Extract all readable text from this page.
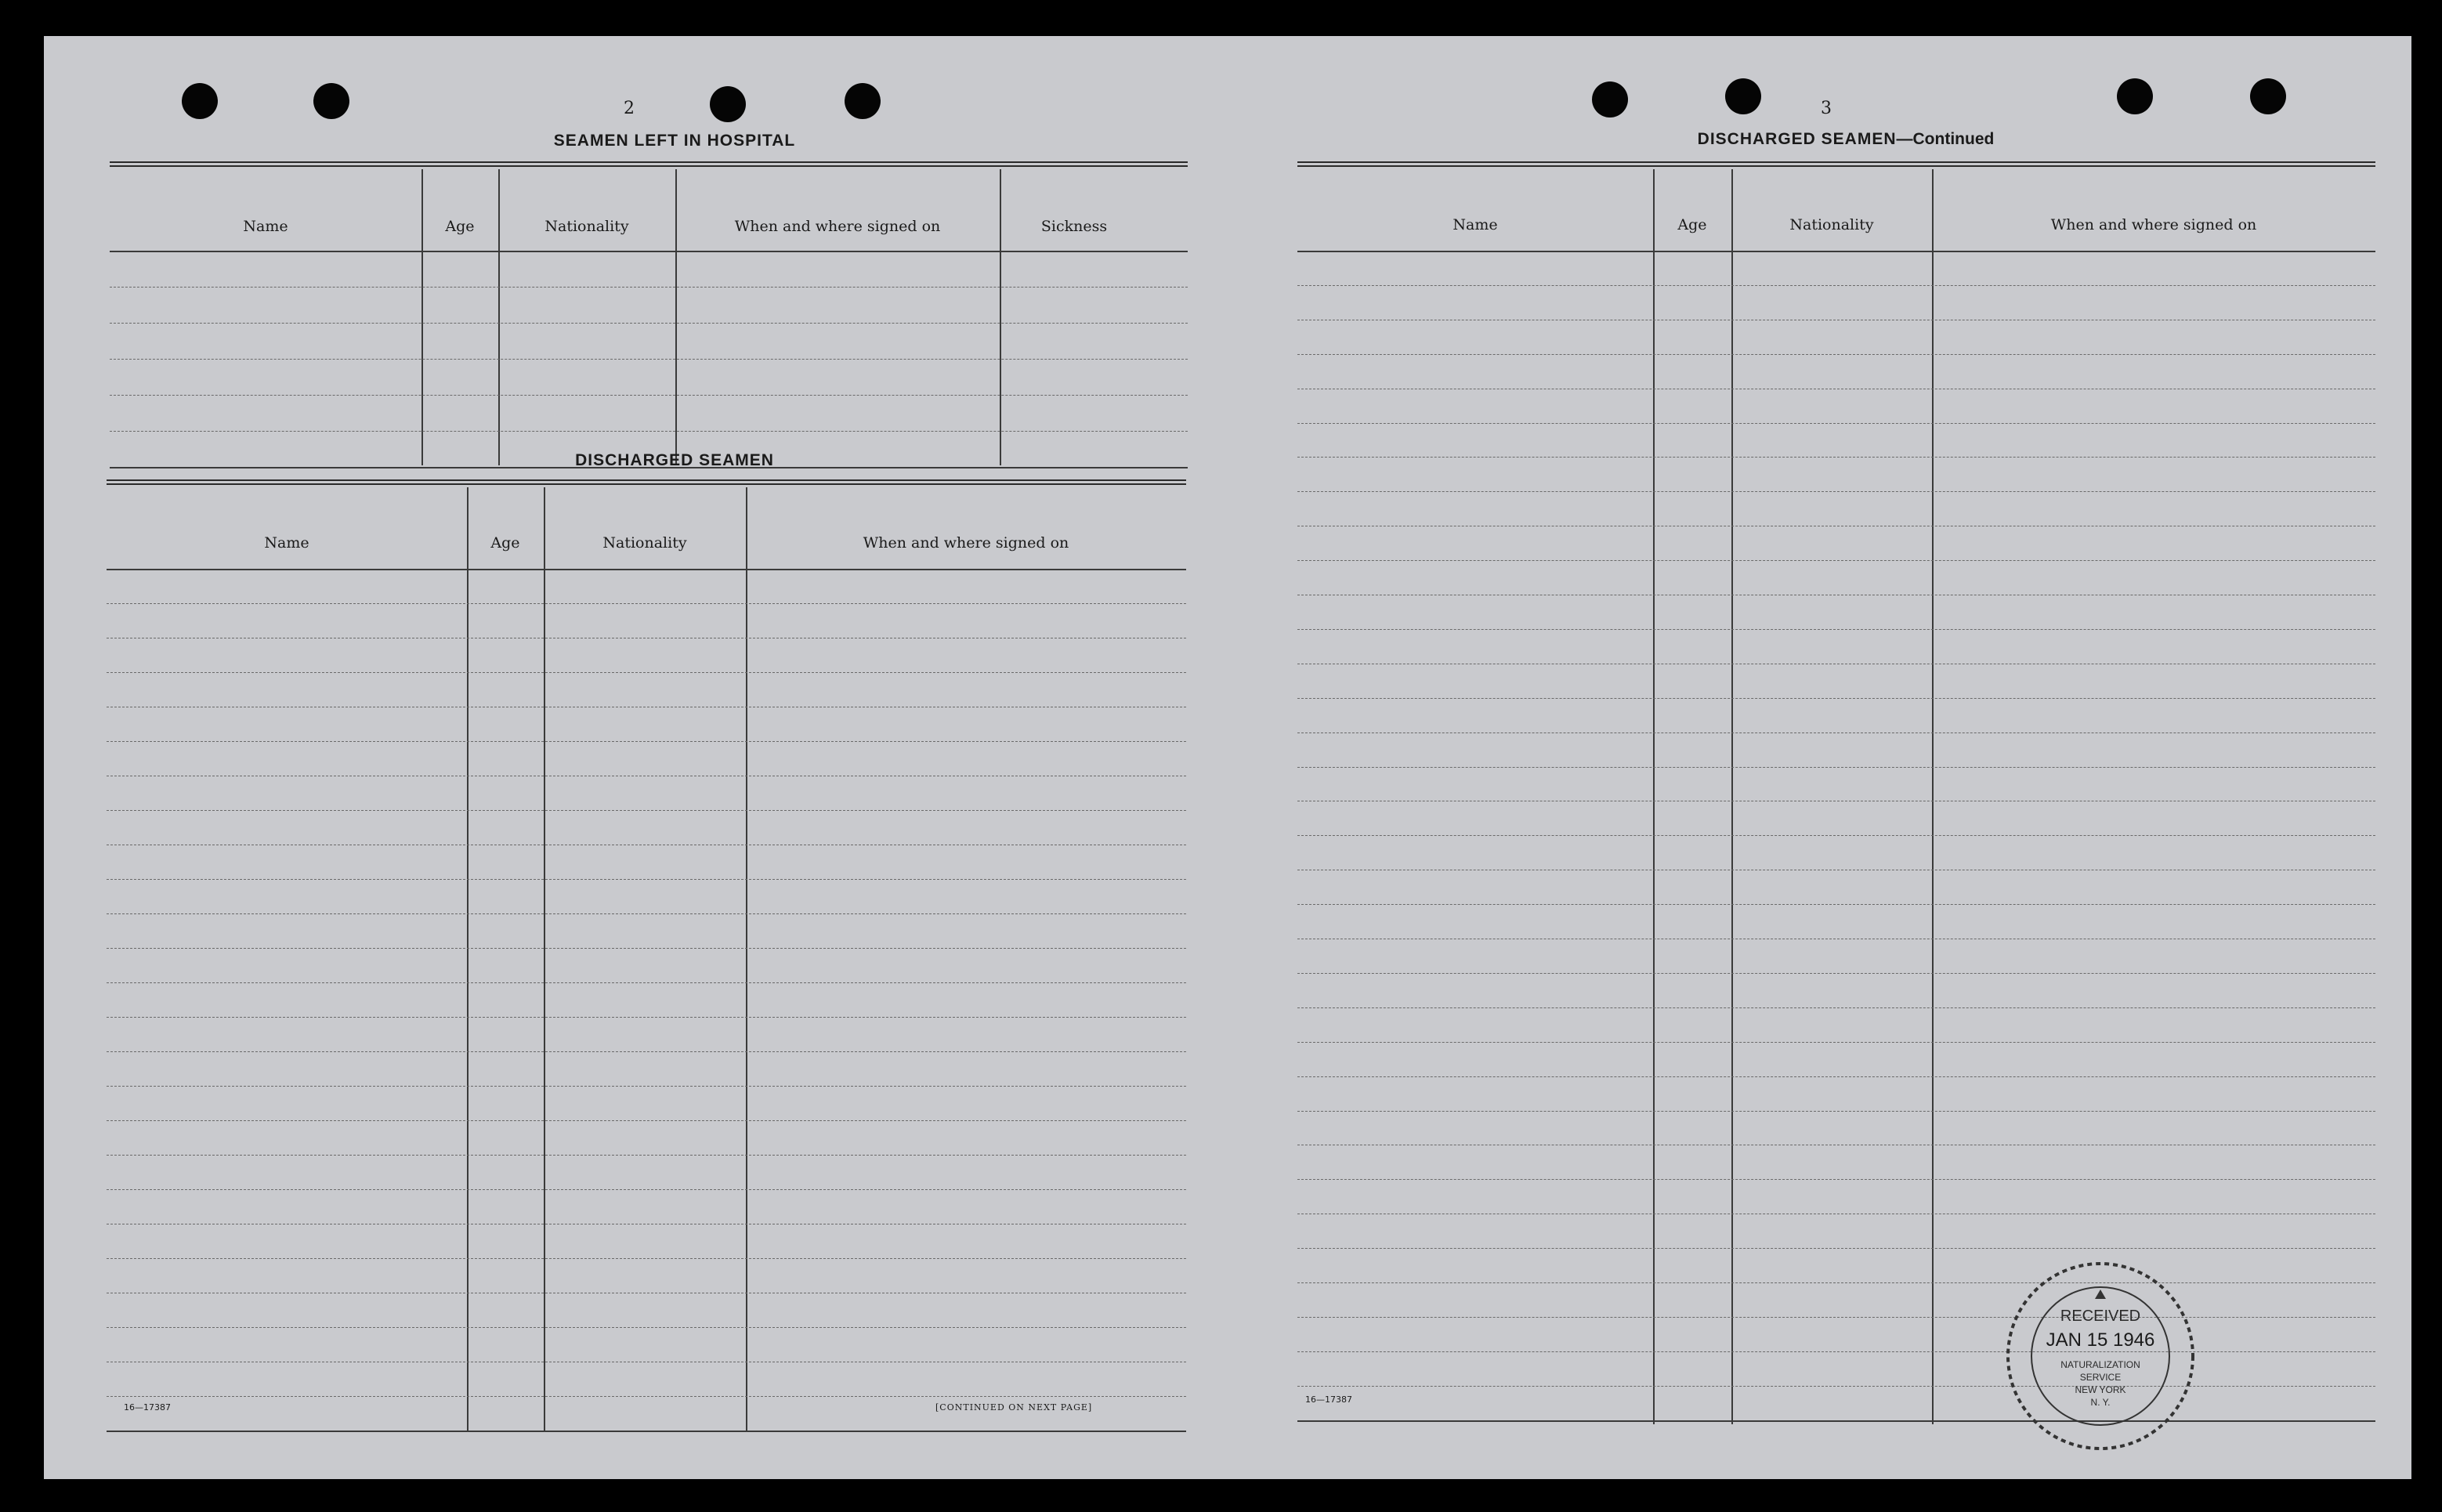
2
SEAMEN LEFT IN HOSPITAL
Name	Age	Nationality	When and where signed on	Sickness
DISCHARGED SEAMEN
Name	Age	Nationality	When and where signed on
16—17387	[CONTINUED ON NEXT PAGE]
3
DISCHARGED SEAMEN—Continued
Name	Age	Nationality	When and where signed on
16—17387
RECEIVED
JAN 15 1946
NATURALIZATION
SERVICE
NEW YORK
N. Y.
